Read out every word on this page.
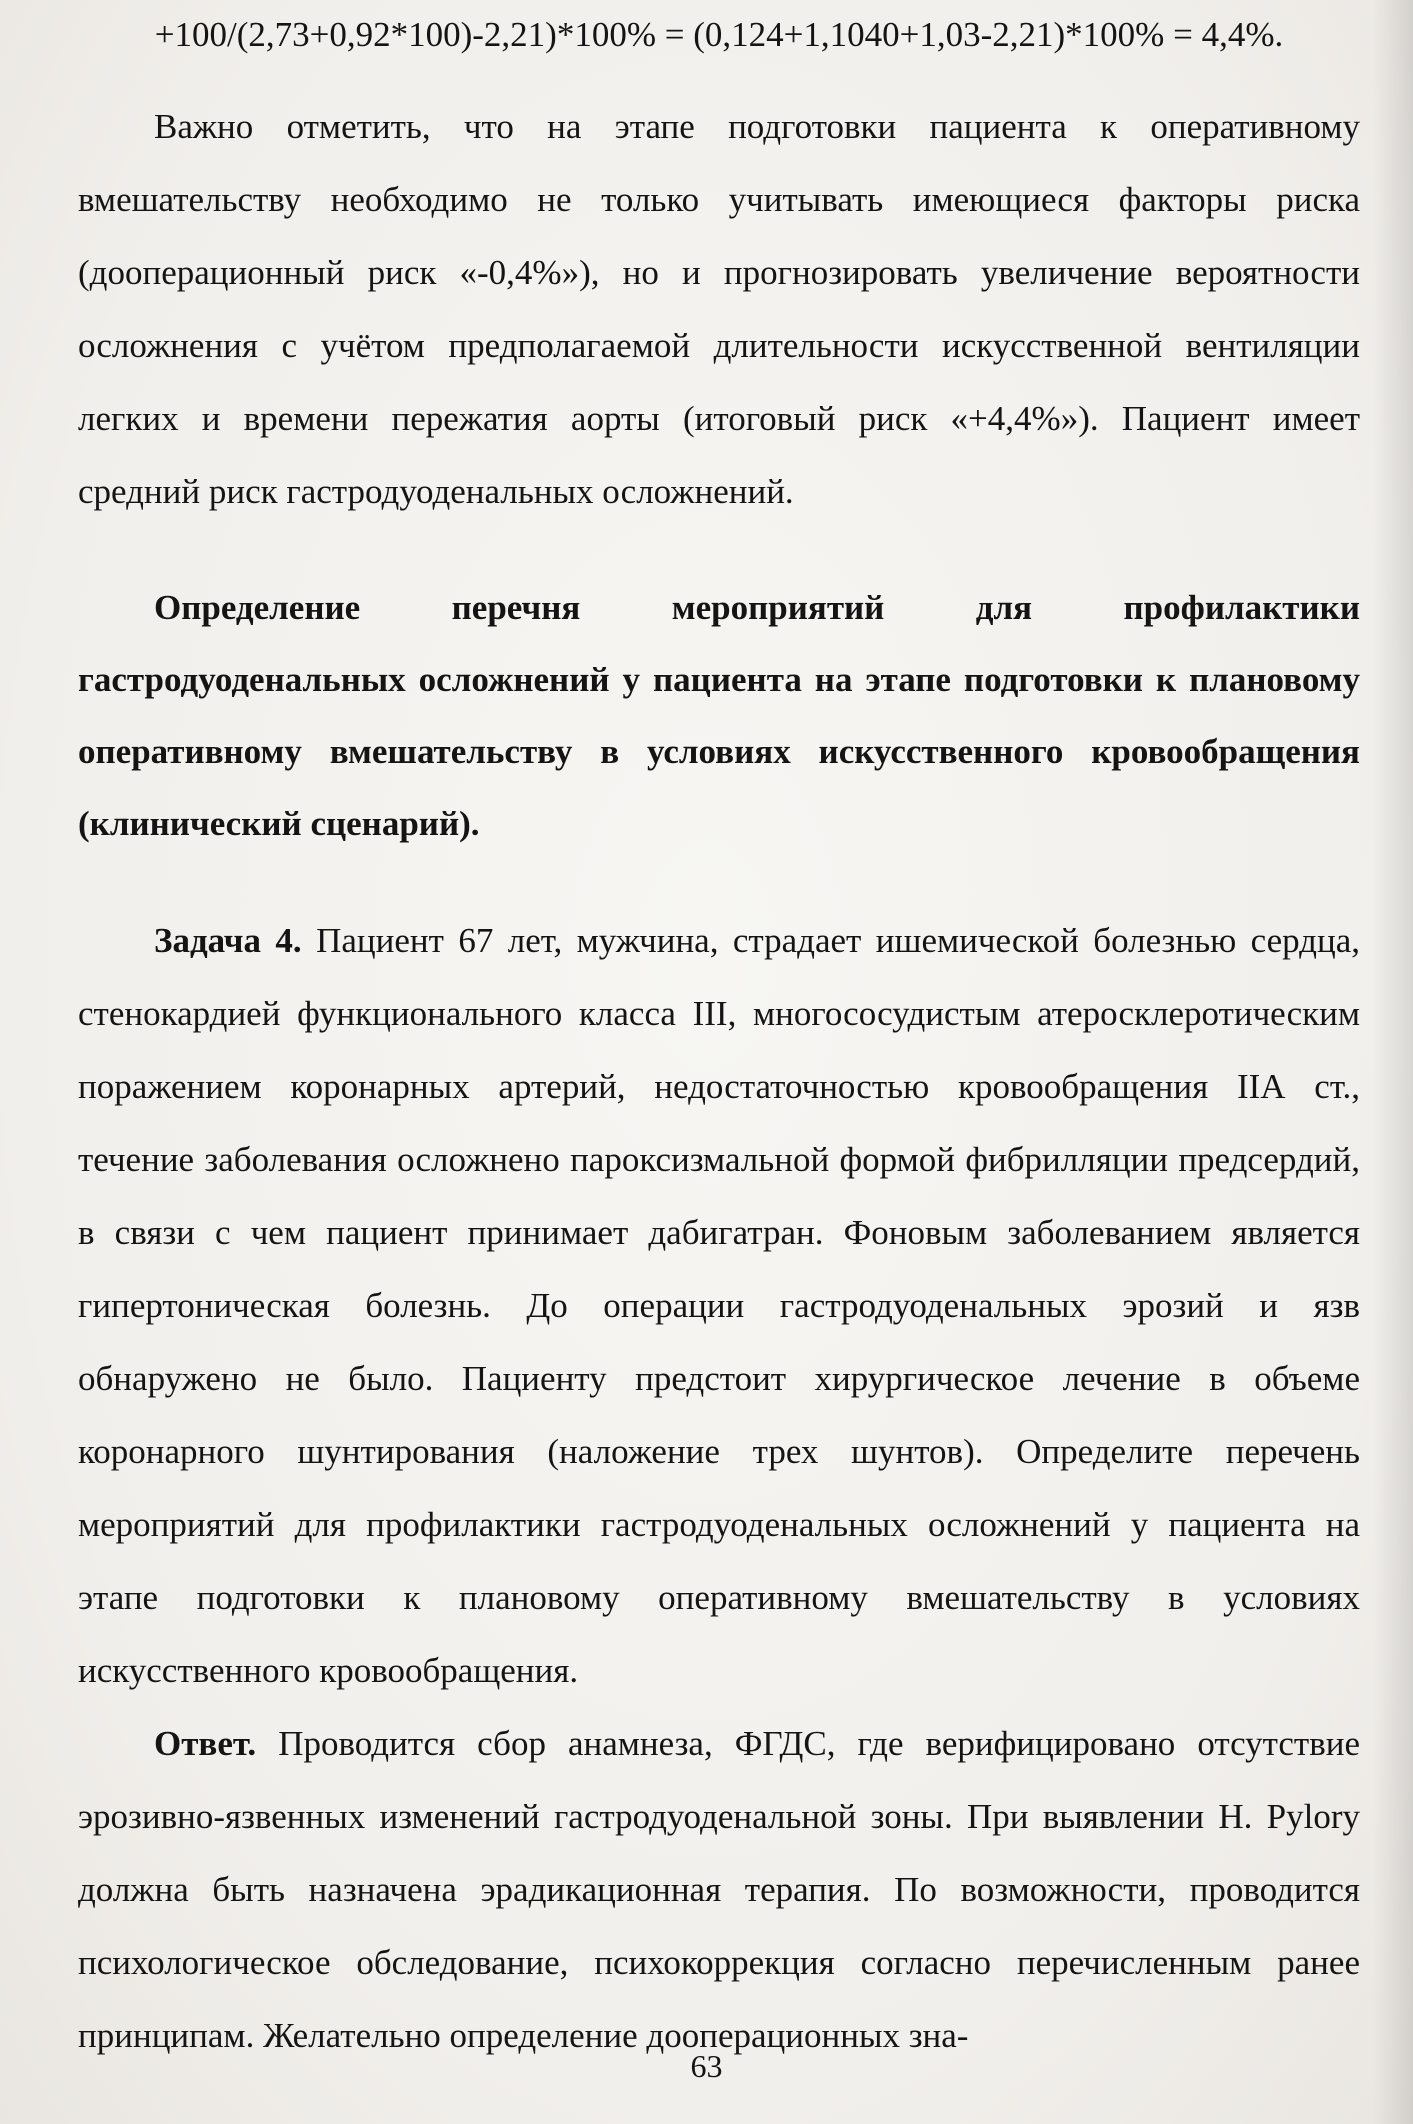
+100/(2,73+0,92*100)-2,21)*100% = (0,124+1,1040+1,03-2,21)*100% = 4,4%.

Важно отметить, что на этапе подготовки пациента к оперативному вмешательству необходимо не только учитывать имеющиеся факторы риска (дооперационный риск «-0,4%»), но и прогнозировать увеличение вероятности осложнения с учётом предполагаемой длительности искусственной вентиляции легких и времени пережатия аорты (итоговый риск «+4,4%»). Пациент имеет средний риск гастродуоденальных осложнений.

Определение перечня мероприятий для профилактики гастродуоденальных осложнений у пациента на этапе подготовки к плановому оперативному вмешательству в условиях искусственного кровообращения (клинический сценарий).

Задача 4. Пациент 67 лет, мужчина, страдает ишемической болезнью сердца, стенокардией функционального класса III, многососудистым атеросклеротическим поражением коронарных артерий, недостаточностью кровообращения IIА ст., течение заболевания осложнено пароксизмальной формой фибрилляции предсердий, в связи с чем пациент принимает дабигатран. Фоновым заболеванием является гипертоническая болезнь. До операции гастродуоденальных эрозий и язв обнаружено не было. Пациенту предстоит хирургическое лечение в объеме коронарного шунтирования (наложение трех шунтов). Определите перечень мероприятий для профилактики гастродуоденальных осложнений у пациента на этапе подготовки к плановому оперативному вмешательству в условиях искусственного кровообращения.

Ответ. Проводится сбор анамнеза, ФГДС, где верифицировано отсутствие эрозивно-язвенных изменений гастродуоденальной зоны. При выявлении H. Pylory должна быть назначена эрадикационная терапия. По возможности, проводится психологическое обследование, психокоррекция согласно перечисленным ранее принципам. Желательно определение дооперационных зна-

63
